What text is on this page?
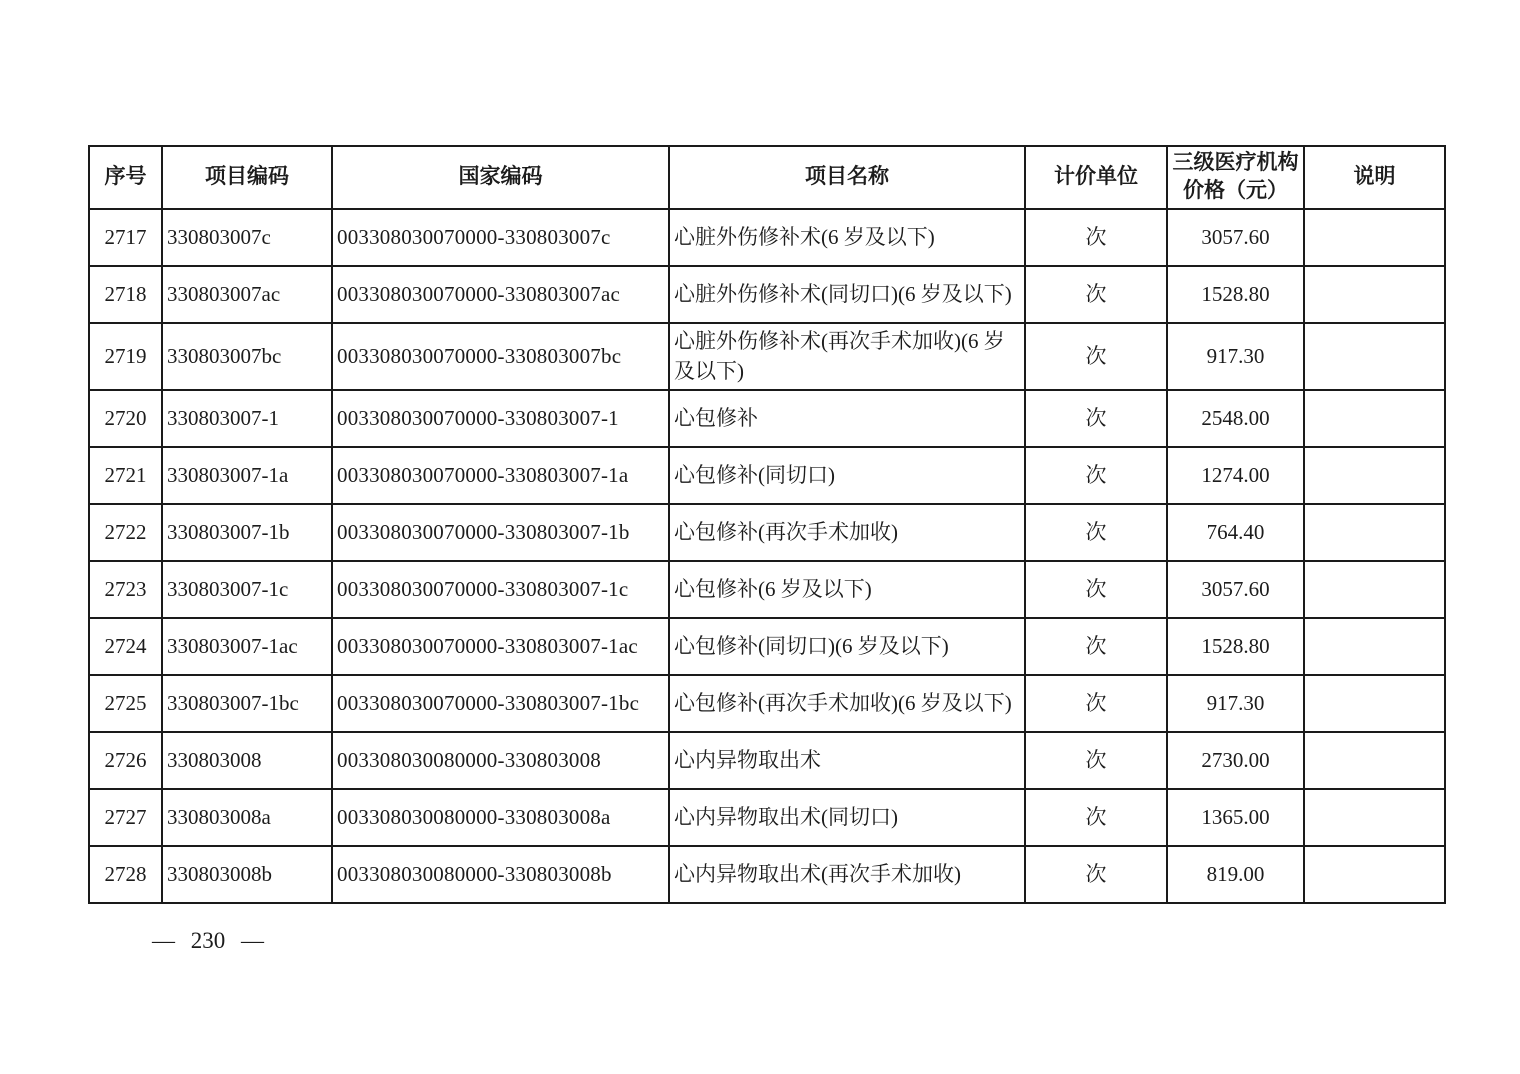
序号	项目编码	国家编码	项目名称	计价单位	三级医疗机构价格（元）	说明
2717	330803007c	003308030070000-330803007c	心脏外伤修补术(6 岁及以下)	次	3057.60	
2718	330803007ac	003308030070000-330803007ac	心脏外伤修补术(同切口)(6 岁及以下)	次	1528.80	
2719	330803007bc	003308030070000-330803007bc	心脏外伤修补术(再次手术加收)(6 岁及以下)	次	917.30	
2720	330803007-1	003308030070000-330803007-1	心包修补	次	2548.00	
2721	330803007-1a	003308030070000-330803007-1a	心包修补(同切口)	次	1274.00	
2722	330803007-1b	003308030070000-330803007-1b	心包修补(再次手术加收)	次	764.40	
2723	330803007-1c	003308030070000-330803007-1c	心包修补(6 岁及以下)	次	3057.60	
2724	330803007-1ac	003308030070000-330803007-1ac	心包修补(同切口)(6 岁及以下)	次	1528.80	
2725	330803007-1bc	003308030070000-330803007-1bc	心包修补(再次手术加收)(6 岁及以下)	次	917.30	
2726	330803008	003308030080000-330803008	心内异物取出术	次	2730.00	
2727	330803008a	003308030080000-330803008a	心内异物取出术(同切口)	次	1365.00	
2728	330803008b	003308030080000-330803008b	心内异物取出术(再次手术加收)	次	819.00	
— 230 —
